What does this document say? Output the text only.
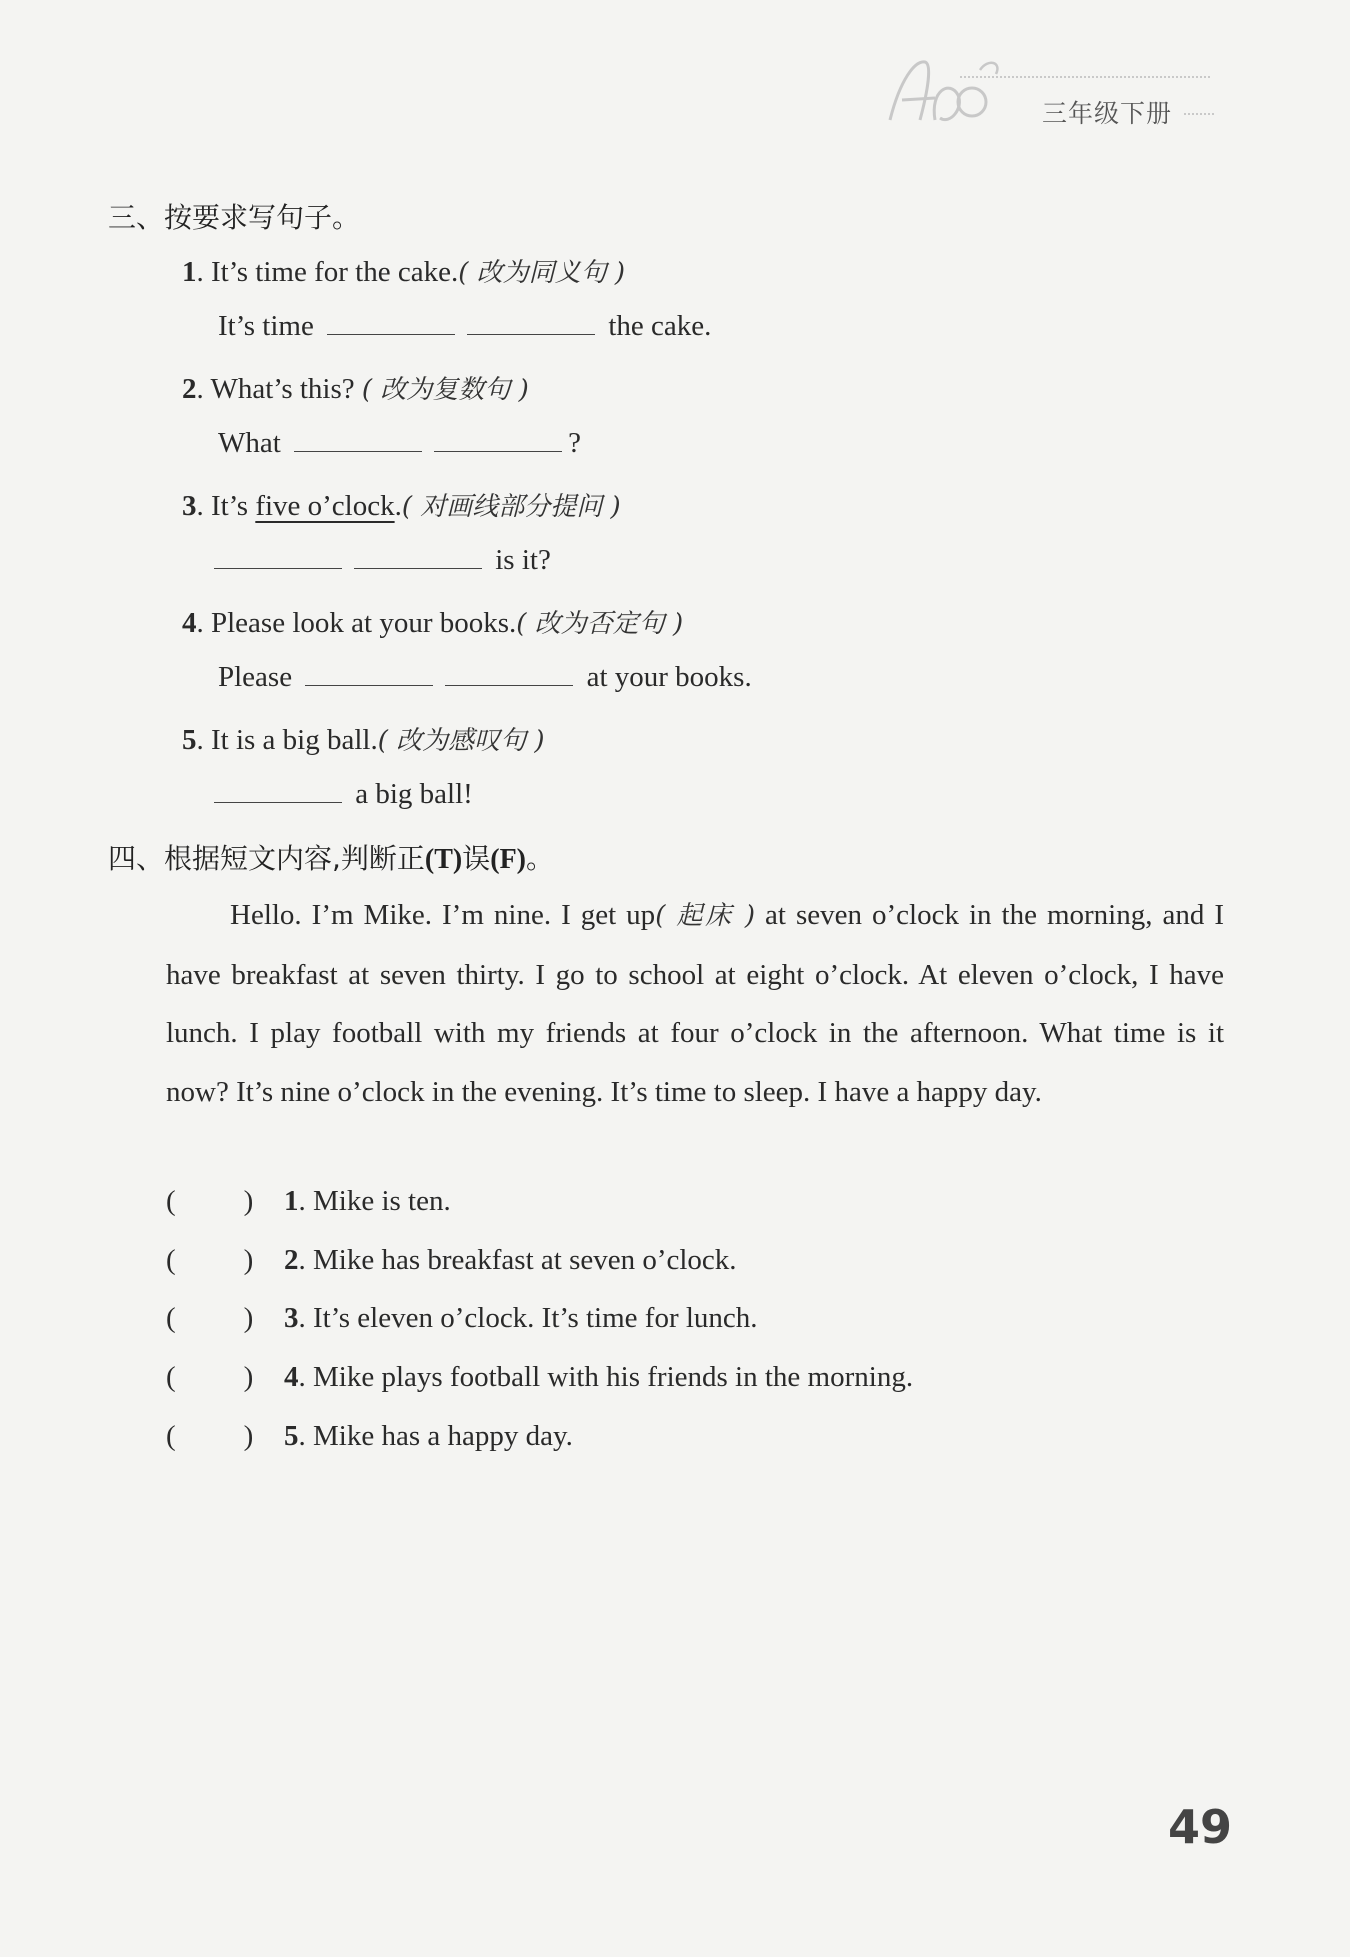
三年级下册
三、按要求写句子。
1. It’s time for the cake.( 改为同义句 )
It’s time	the cake.
2. What’s this? ( 改为复数句 )
What	?
3. It’s five o’clock.( 对画线部分提问 )
is it?
4. Please look at your books.( 改为否定句 )
Please	at your books.
5. It is a big ball.( 改为感叹句 )
a big ball!
四、根据短文内容,判断正(T)误(F)。
Hello. I’m Mike. I’m nine. I get up( 起床 ) at seven o’clock in the morning, and I have breakfast at seven thirty. I go to school at eight o’clock. At eleven o’clock, I have lunch. I play football with my friends at four o’clock in the afternoon. What time is it now? It’s nine o’clock in the evening. It’s time to sleep. I have a happy day.
( ) 1. Mike is ten.
( ) 2. Mike has breakfast at seven o’clock.
( ) 3. It’s eleven o’clock. It’s time for lunch.
( ) 4. Mike plays football with his friends in the morning.
( ) 5. Mike has a happy day.
49
